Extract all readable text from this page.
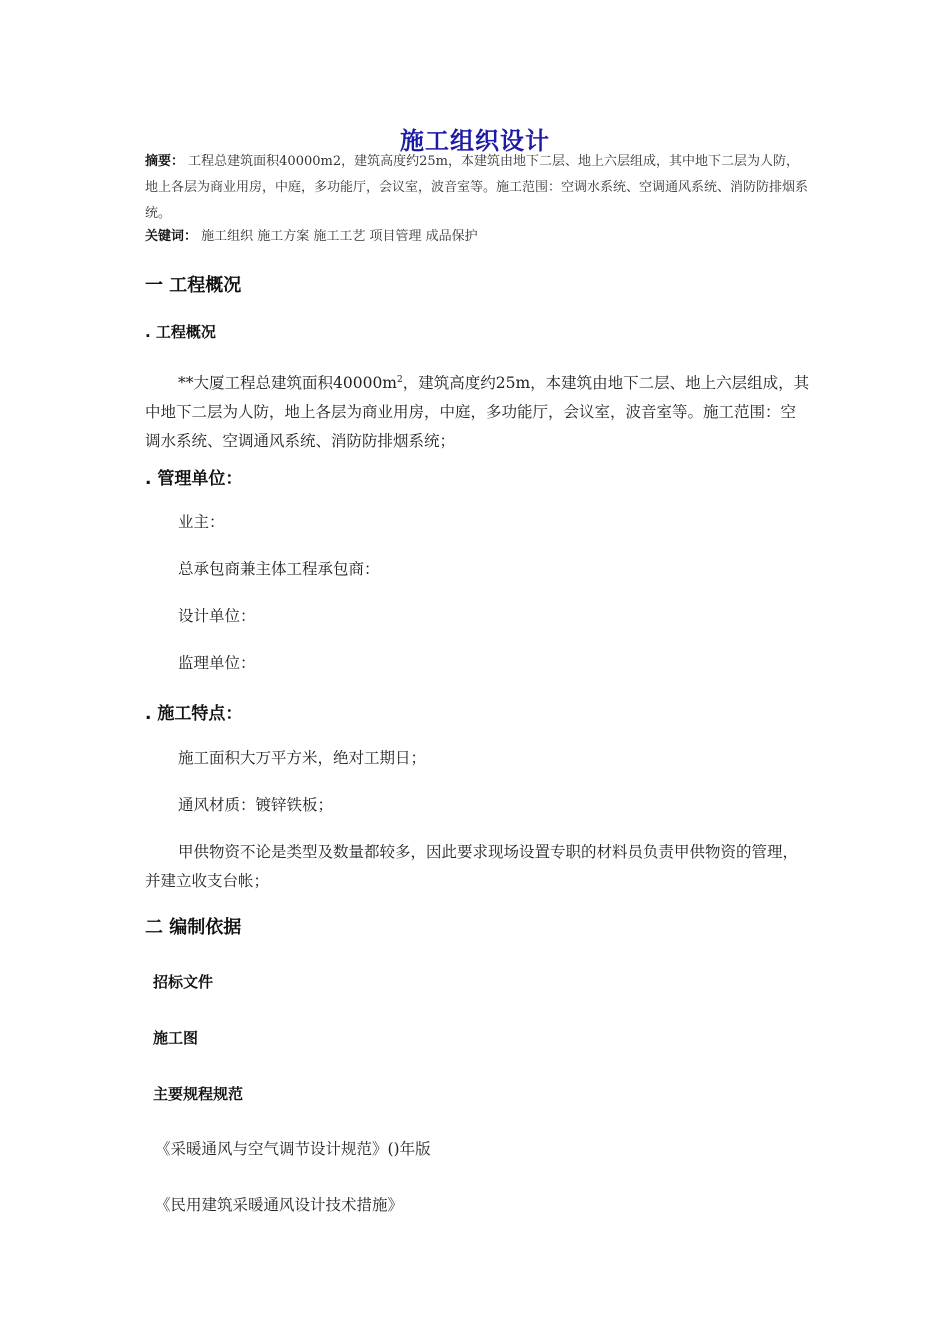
施工组织设计
摘要： 工程总建筑面积40000m2，建筑高度约25m，本建筑由地下二层、地上六层组成，其中地下二层为人防，地上各层为商业用房，中庭，多功能厅，会议室，波音室等。施工范围：空调水系统、空调通风系统、消防防排烟系统。
关键词： 施工组织 施工方案 施工工艺 项目管理 成品保护
一 工程概况
. 工程概况
**大厦工程总建筑面积$40000m^2$，建筑高度约25m，本建筑由地下二层、地上六层组成，其中地下二层为人防，地上各层为商业用房，中庭，多功能厅，会议室，波音室等。施工范围：空调水系统、空调通风系统、消防防排烟系统；
. 管理单位：
业主：
总承包商兼主体工程承包商：
设计单位：
监理单位：
. 施工特点：
施工面积大万平方米，绝对工期日；
通风材质：镀锌铁板；
甲供物资不论是类型及数量都较多，因此要求现场设置专职的材料员负责甲供物资的管理，并建立收支台帐；
二 编制依据
招标文件
施工图
主要规程规范
《采暖通风与空气调节设计规范》()年版
《民用建筑采暖通风设计技术措施》
